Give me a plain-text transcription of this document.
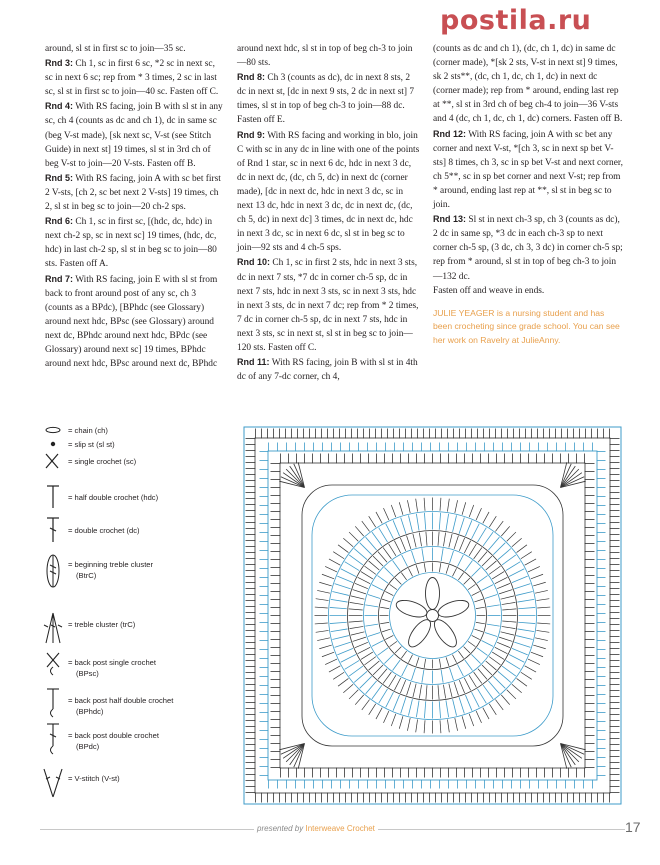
around, sl st in first sc to join—35 sc.

Rnd 3: Ch 1, sc in first 6 sc, *2 sc in next sc, sc in next 6 sc; rep from * 3 times, 2 sc in last sc, sl st in first sc to join—40 sc. Fasten off C.

Rnd 4: With RS facing, join B with sl st in any sc, ch 4 (counts as dc and ch 1), dc in same sc (beg V-st made), [sk next sc, V-st (see Stitch Guide) in next st] 19 times, sl st in 3rd ch of beg V-st to join—20 V-sts. Fasten off B.

Rnd 5: With RS facing, join A with sc bet first 2 V-sts, [ch 2, sc bet next 2 V-sts] 19 times, ch 2, sl st in beg sc to join—20 ch-2 sps.

Rnd 6: Ch 1, sc in first sc, [(hdc, dc, hdc) in next ch-2 sp, sc in next sc] 19 times, (hdc, dc, hdc) in last ch-2 sp, sl st in beg sc to join—80 sts. Fasten off A.

Rnd 7: With RS facing, join E with sl st from back to front around post of any sc, ch 3 (counts as a BPdc), [BPhdc (see Glossary) around next hdc, BPsc (see Glossary) around next dc, BPhdc around next hdc, BPdc (see Glossary) around next sc] 19 times, BPhdc around next hdc, BPsc around next dc, BPhdc

around next hdc, sl st in top of beg ch-3 to join—80 sts.

Rnd 8: Ch 3 (counts as dc), dc in next 8 sts, 2 dc in next st, [dc in next 9 sts, 2 dc in next st] 7 times, sl st in top of beg ch-3 to join—88 dc. Fasten off E.

Rnd 9: With RS facing and working in blo, join C with sc in any dc in line with one of the points of Rnd 1 star, sc in next 6 dc, hdc in next 3 dc, dc in next dc, (dc, ch 5, dc) in next dc (corner made), [dc in next dc, hdc in next 3 dc, sc in next 13 dc, hdc in next 3 dc, dc in next dc, (dc, ch 5, dc) in next dc] 3 times, dc in next dc, hdc in next 3 dc, sc in next 6 dc, sl st in beg sc to join—92 sts and 4 ch-5 sps.

Rnd 10: Ch 1, sc in first 2 sts, hdc in next 3 sts, dc in next 7 sts, *7 dc in corner ch-5 sp, dc in next 7 sts, hdc in next 3 sts, sc in next 3 sts, hdc in next 3 sts, dc in next 7 dc; rep from * 2 times, 7 dc in corner ch-5 sp, dc in next 7 sts, hdc in next 3 sts, sc in next st, sl st in beg sc to join—120 sts. Fasten off C.

Rnd 11: With RS facing, join B with sl st in 4th dc of any 7-dc corner, ch 4,

(counts as dc and ch 1), (dc, ch 1, dc) in same dc (corner made), *[sk 2 sts, V-st in next st] 9 times, sk 2 sts**, (dc, ch 1, dc, ch 1, dc) in next dc (corner made); rep from * around, ending last rep at **, sl st in 3rd ch of beg ch-4 to join—36 V-sts and 4 (dc, ch 1, dc, ch 1, dc) corners. Fasten off B.

Rnd 12: With RS facing, join A with sc bet any corner and next V-st, *[ch 3, sc in next sp bet V-sts] 8 times, ch 3, sc in sp bet V-st and next corner, ch 5**, sc in sp bet corner and next V-st; rep from * around, ending last rep at **, sl st in beg sc to join.

Rnd 13: Sl st in next ch-3 sp, ch 3 (counts as dc), 2 dc in same sp, *3 dc in each ch-3 sp to next corner ch-5 sp, (3 dc, ch 3, 3 dc) in corner ch-5 sp; rep from * around, sl st in top of beg ch-3 to join—132 dc.

Fasten off and weave in ends.

JULIE YEAGER is a nursing student and has been crocheting since grade school. You can see her work on Ravelry at JulieAnny.

= chain (ch)
= slip st (sl st)
= single crochet (sc)
= half double crochet (hdc)
= double crochet (dc)
= beginning treble cluster
(BtrC)
= treble cluster (trC)
= back post single crochet
(BPsc)
= back post half double crochet
(BPhdc)
= back post double crochet
(BPdc)
= V-stitch (V-st)
presented by Interweave Crochet	17
postila.ru
